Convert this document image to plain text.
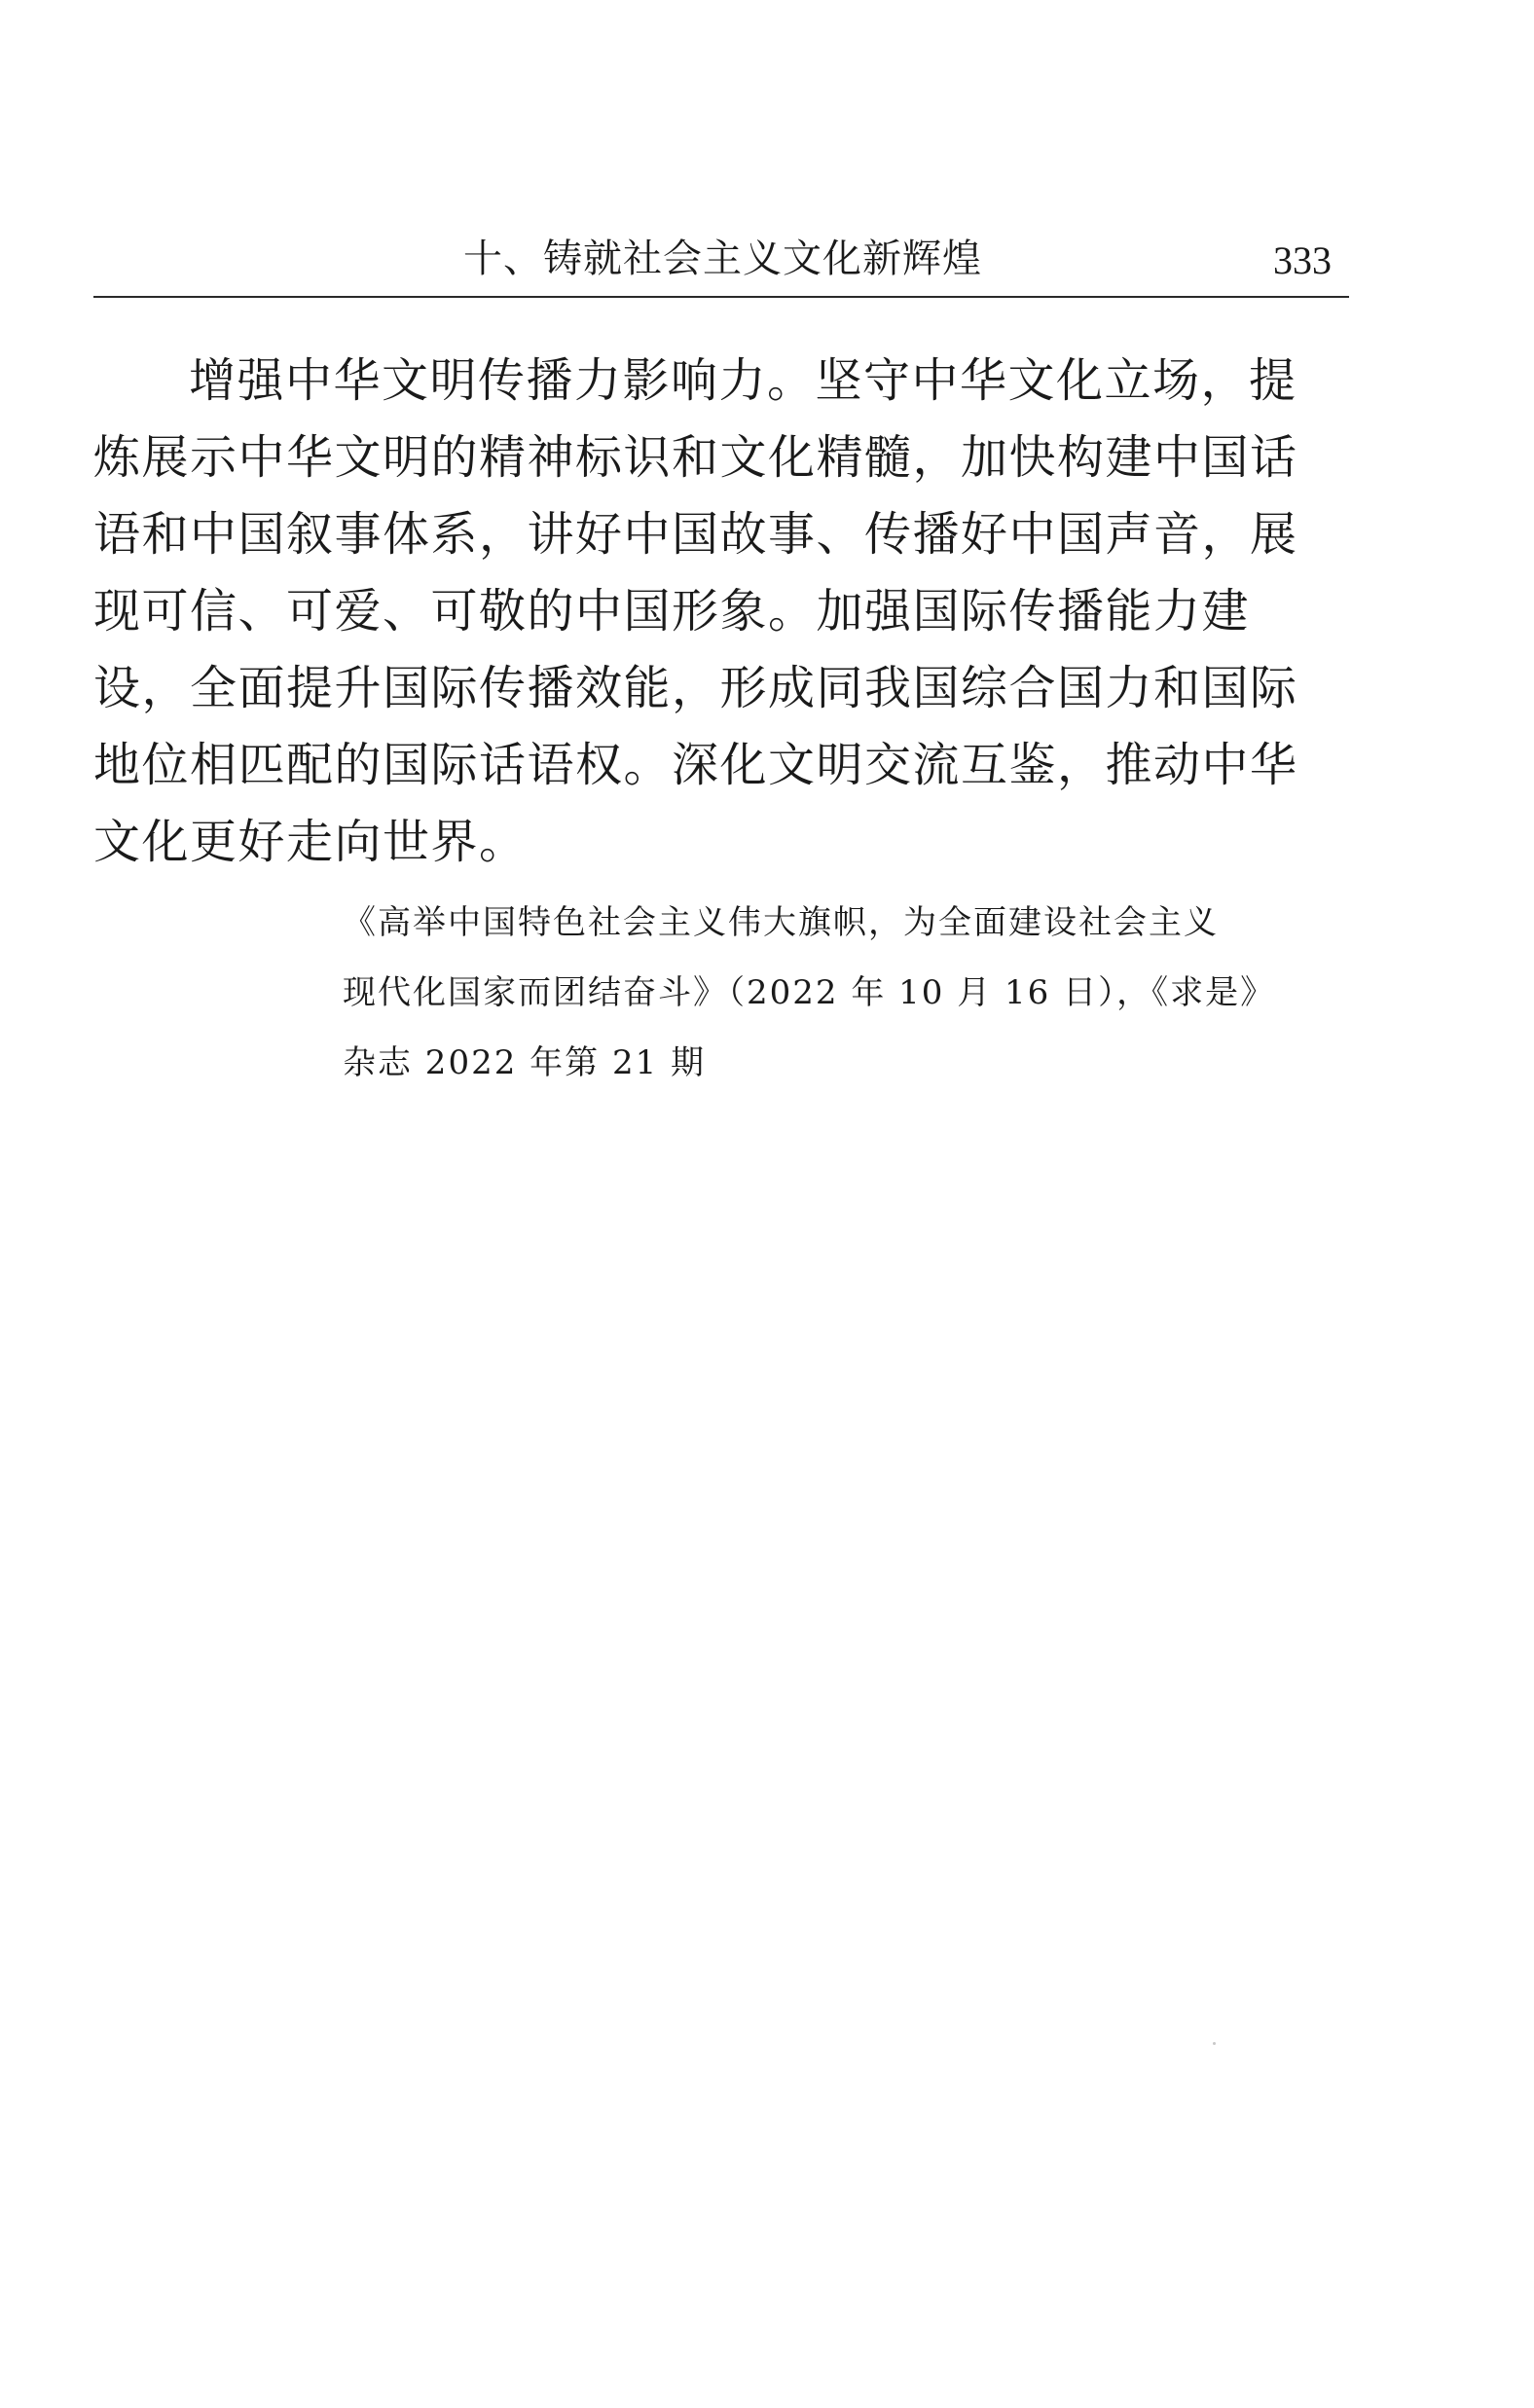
十、铸就社会主义文化新辉煌	333
增强中华文明传播力影响力。坚守中华文化立场，提
炼展示中华文明的精神标识和文化精髓，加快构建中国话
语和中国叙事体系，讲好中国故事、传播好中国声音，展
现可信、可爱、可敬的中国形象。加强国际传播能力建
设，全面提升国际传播效能，形成同我国综合国力和国际
地位相匹配的国际话语权。深化文明交流互鉴，推动中华
文化更好走向世界。
《高举中国特色社会主义伟大旗帜，为全面建设社会主义
现代化国家而团结奋斗》（2022 年 10 月 16 日），《求是》
杂志 2022 年第 21 期
